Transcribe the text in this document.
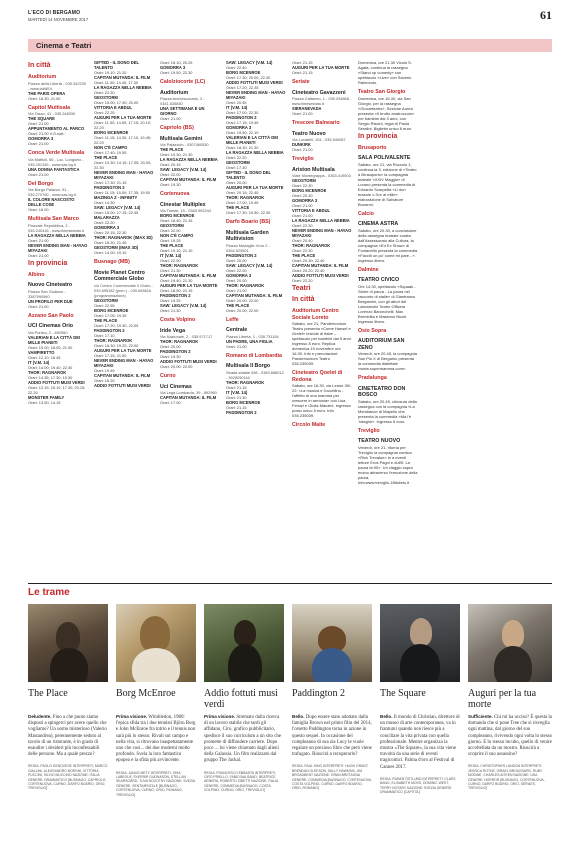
L'ECO DI BERGAMO
MARTEDÌ 14 NOVEMBRE 2017	61
Cinema e Teatri
In città
Auditorium
Piazza della Libertà - 035.342239 - www.lab80.it
THE PARIS OPERA
Orari: 18.30; 21.00
Capitol Multisala
Via Tasso, 41 - 035.248330
THE SQUARE
Orari: 21.00
APPUNTAMENTO AL PARCO
Orari: 21.00 V.O.sott.
GOMORRA 3
Orari: 21.00
Conca Verde Multisala
Via Mattioli, 65 - Loc. Longuelo - 035.251339 - www.sas.bg.it
UNA DONNA FANTASTICA
Orari: 21.00
Del Borgo
Via Borgo Palazzo, 51 - 035.270760 - www.sas.bg.it
IL COLORE NASCOSTO DELLE COSE
Orari: 16.00
Multisala San Marco
Piazzale Repubblica, 2 - 035.240416 - www.ilmesestato.it
LA RAGAZZA NELLA NEBBIA
Orari: 21.00
NEVER ENDING MAN - HAYAO MIYAZAKI
Orari: 21.00
In provincia
Albino
Nuovo Cineteatro
Piazza San Giuliano - 3387990560
UN PROFILO PER DUE
Orari: 21.00
Azzano San Paolo
UCI Cinemas Orio
Via Portico, 2 - 892960
VALERIAN E LA CITTÀ DEI MILLE PIANETI
Orari: 15.00; 18.00; 21.00
VAMPIRETTO
Orari: 12.10; 16.45
IT (V.M. 14)
Orari: 14.00; 19.40; 22.40
THOR: RAGNAROK
Orari: 14.35; 17.30; 19.30
ADDIO FOTTUTI MUSI VERDI
Orari: 12.15; 15.10; 17.30; 20.15; 22.30
MONSTER FAMILY
Orari: 13.50; 14.15
GIFTED - IL DONO DEL TALENTO
Orari: 19.10; 21.20
CAPITAN MUTANDA: IL FILM
Orari: 11.30; 14.40; 17.30
LA RAGAZZA NELLA NEBBIA
Orari: 22.30
GEOSTORM
Orari: 15.00; 17.30; 20.00
VITTORIA E ABDUL
Orari: 22.25
AUGURI PER LA TUA MORTE
Orari: 11.50; 14.50; 17.15; 20.10; 22.20
BORG MCENROE
Orari: 11.15; 14.30; 17.10; 19.45; 22.20
NON C'È CAMPO
Orari: 17.40; 19.55
THE PLACE
Orari: 10.30; 14.15; 17.05; 20.00; 22.30
NEVER ENDING MAN - HAYAO MIYAZAKI
Orari: 17.30; 21.15
PADDINGTON 2
Orari: 11.15; 15.00; 17.35; 19.50
MAZINGA Z - INFINITY
Orari: 14.30
SAW: LEGACY (V.M. 14)
Orari: 15.00; 17.15; 22.45
MALARAZZA
Orari: 22.20
GOMORRA 3
Orari: 20.15; 22.30
THOR: RAGNAROK (IMAX 3D)
Orari: 16.30; 21.45
GEOSTORM (IMAX 3D)
Orari: 14.00; 19.10
Busnago (MB)
Movie Planet Centro Commerciale Globo
c/o Centro Commerciale Il Globo - 039.695182 (pren.) - 039.695616 (programmazione)
GEOSTORM
Orari: 22.55
BORG MCENROE
Orari: 17.05; 19.35
THE PLACE
Orari: 17.20; 19.30; 22.05
PADDINGTON 2
Orari: 17.10
THOR: RAGNAROK
Orari: 16.30; 19.20; 22.00
AUGURI PER LA TUA MORTE
Orari: 17.15; 21.50
NEVER ENDING MAN - HAYAO MIYAZAKI
Orari: 19.45
CAPITAN MUTANDA: IL FILM
Orari: 16.20
ADDIO FOTTUTI MUSI VERDI
Orari: 18.10; 20.25
GOMORRA 3
Orari: 19.50; 22.30
Calolziocorte (LC)
Auditorium
Piazza Arcivescovado, 3 - 0341.635830
UNA SETTIMANA E UN GIORNO
Orari: 21.00
Capriolo (BS)
Multisala Gemini
Via Palazzolo - 0307460530
THE PLACE
Orari: 19.30; 21.30
LA RAGAZZA NELLA NEBBIA
Orari: 20.15
SAW: LEGACY (V.M. 14)
Orari: 22.00
CAPITAN MUTANDA: IL FILM
Orari: 19.30
Cortenuova
Cinestar Multiplex
Via Trieste, 15 - 0363.992244
BORG MCENROE
Orari: 18.40; 21.15
GEOSTORM
Orari: 22.00
NON C'È CAMPO
Orari: 19.25
THE PLACE
Orari: 19.10; 21.10
IT (V.M. 14)
Orari: 22.00
THOR: RAGNAROK
Orari: 21.30
CAPITAN MUTANDA: IL FILM
Orari: 19.40; 21.30
AUGURI PER LA TUA MORTE
Orari: 18.50; 21.15
PADDINGTON 2
Orari: 19.25
SAW: LEGACY (V.M. 14)
Orari: 21.30
Costa Volpino
Iride Vega
Via Nazionale, 2 - 035.971717
THOR: RAGNAROK
Orari: 20.00
PADDINGTON 2
Orari: 19.30
ADDIO FOTTUTI MUSI VERDI
Orari: 20.00; 22.00
Curno
Uci Cinemas
Via Lega Lombarda, 39 - 892960
CAPITAN MUTANDA: IL FILM
Orari: 17.00
SAW: LEGACY (V.M. 14)
Orari: 22.40
BORG MCENROE
Orari: 17.30; 20.00; 22.30
ADDIO FOTTUTI MUSI VERDI
Orari: 17.20; 22.35
NEVER ENDING MAN - HAYAO MIYAZAKI
Orari: 20.45
IT (V.M. 14)
Orari: 17.00; 22.30
PADDINGTON 2
Orari: 17.15; 19.45
GOMORRA 3
Orari: 19.50; 22.10
VALERIAN E LA CITTÀ DEI MILLE PIANETI
Orari: 18.30; 21.30
LA RAGAZZA NELLA NEBBIA
Orari: 22.20
GEOSTORM
Orari: 17.30
GIFTED - IL DONO DEL TALENTO
Orari: 20.00
AUGURI PER LA TUA MORTE
Orari: 20.15; 22.45
THOR: RAGNAROK
Orari: 17.00; 19.45
THE PLACE
Orari: 17.30; 19.50; 22.30
Darfo Boario (BS)
Multisala Garden Multivision
Piazza Medaglie d'oro 2 - 0364.529501
PADDINGTON 2
Orari: 20.00
SAW: LEGACY (V.M. 14)
Orari: 22.00
GOMORRA 3
Orari: 20.00
THOR: RAGNAROK
Orari: 21.00
CAPITAN MUTANDA: IL FILM
Orari: 20.00; 22.00
THE PLACE
Orari: 20.00; 22.00
Leffe
Centrale
Piazza Libertà, 1 - 035.731154
UN PADRE, UNA FIGLIA
Orari: 21.00
Romano di Lombardia
Multisala Il Borgo
Strada statale 498 - 0363.688012 - 3928250116
THOR: RAGNAROK
Orari: 21.15
IT (V.M. 14)
Orari: 21.30
BORG MCENROE
Orari: 21.15
PADDINGTON 2
Orari: 21.15
AUGURI PER LA TUA MORTE
Orari: 21.15
Seriate
Cineteatro Gavazzeni
Piazza Cattaneo, 1 - 035.294868 - www.ilmesestato.it
SIERANEVADA
Orari: 21.00
Trescore Balneario
Teatro Nuovo
Via Locatelli, 104 - 035.940087
DUNKIRK
Orari: 21.00
Treviglio
Ariston Multisala
Viale Montegrappa - 0363.419503
GEOSTORM
Orari: 22.30
BORG MCENROE
Orari: 20.30
GOMORRA 3
Orari: 21.00
VITTORIA E ABDUL
Orari: 21.00
LA RAGAZZA NELLA NEBBIA
Orari: 22.30
NEVER ENDING MAN - HAYAO MIYAZAKI
Orari: 20.40
THOR: RAGNAROK
Orari: 22.30
THE PLACE
Orari: 20.30; 22.40
CAPITAN MUTANDA: IL FILM
Orari: 20.20; 22.40
ADDIO FOTTUTI MUSI VERDI
Orari: 22.20
Teatri
In città
Auditorium Centro Sociale Loreto
Sabato, ore 21, Pandemonium Teatro presenta «Come Hansel e Gretel» briciole di fiabe – spettacolo per bambini dai 5 anni. Ingresso 8 euro. Replica domenica 19 novembre ore 16.30. Info e prenotazioni: Pandemonium Teatro 035.235039.
Cineteatro Qoelet di Redona
Sabato, ore 16.30, via Leone XIII, 22: «La musica e l'uccellino - l'affetto di una mamma per crescere in armonia» con Lisa Ferrari e Giulia Manzini. Ingresso posto unico 5 euro. Info 035.235039.
Circolo Maite
Domenica, ore 21.30 Vicolo S. Agata, continua la rassegna «Stand up comedy» con spettacolo «Live» con Saverio Raimondo.
Teatro San Giorgio
Domenica, ore 16.30, via San Giorgio, per la rassegna «Giocarteatro», Sezione Aurea presenta «Il brutto anatroccolo» per bambini dai 3 anni, con Sergio Riscini, regia di Paola Serafini. Biglietto unico 6 euro.
In provincia
Brusaporto
SALA POLIVALENTE
Sabato, ore 21, via Roccolo 1, continua la 3. edizione di «Teatro a Brusaporto» la compagnia teatrale «XXIV Maggio» di Lurano presenta la commedia di Edoardo Scarpetta «Li don brasole o l'ìre ai mille» elaborazione di Salvatore Bonanni.
Calcio
CINEMA ASTRA
Sabato, ore 20.30, a conclusione della rassegna teatrale curata dall'Assessorato alla Cultura, la compagnia «Ed Ex Show» di Fontanella presenta la commedia «Facciti un po' come mi pare...». Ingresso libero.
Dalmine
TEATRO CIVICO
Ore 14.30, spettacolo «Squaak - Storie di paura - La paura nel racconto di stalle» di Gianfranco Bergamini, con gli attori del Laboratorio Teatro Officina Lorenzo Baronchelli. Max Brembilla e Massimo Nicoli. Ingresso libero.
Osio Sopra
AUDITORIUM SAN ZENO
Venerdì, ore 20.45, la compagnia San Pio X di Bergamo presenta la commedia dialettale «www.supermamma.com».
Pradalunga
CINETEATRO DON BOSCO
Sabato, ore 20.45, chiusura della rassegna con la compagnia «La Meridiana» di Mapello che presenta la commedia «Ma l'è 'ndaghe». Ingresso 6 euro.
Treviglio
TEATRO NUOVO
Venerdì, ore 21, ritorna per Treviglio la compagnia comica «Rick Trevalue» in a eventi lettore Eros Pagni e dull'Il: La paura fa 90». Un viaggio sopra moino attraverso l'emozione della paura. Info:www.treviglio.18tickets.it
Le trame
The Place
Deludente. Fino a che punto siamo disposti a spingerci per avere quello che vogliamo? Un uomo misterioso (Valerio Mastandrea), perennemente seduto al tavolo di un ristorante, è in grado di esaudire i desideri più inconfessabili delle persone. Ma a quale prezzo?
REGIA: PAOLO GENOVESE INTERPRETI: MARCO GIALLINI, ALESSANDRO BORGHI, VITTORIA PUCCINI, SILVIO MUCCINO NAZIONE: ITALIA GENERE: DRAMMATICO [BUSNAGO, CAPRIOLO, CORTENUOVA, CURNO, DARFO BOARIO, ORIO, TREVIGLIO]
Borg McEnroe
Prima visione. Wimbledon, 1980: l'epica sfida tra i due tennisti Björn Borg e John McEnroe fra intrio e il tennis non sarà più lo stesso. Rivali sul campo e nella vita, si ritrovano inaspettatamente uno che cosi... dei due moderni molto profondo. Svela la loro fantastica epopea e la sfida più avvincente.
REGIA: JANUS METZ INTERPRETI: SHIA LABEOUF, SVERRIR GUDNASON, STELLAN SKARSGÅRD, TUVA NOVOTNY NAZIONE: SVEZIA GENERE: SENTIMENTALE [BUSNAGO, CORTENUOVA, CURNO, ORIO, ROMANO, TREVIGLIO]
Addio fottuti musi verdi
Prima visione. Stremato dalla ricerca di un lavoro stabile che tardi gli affidano, Ciro, grafico pubblicitario, spedisce il suo curriculum a un sito che promette di diffondere carriere. Dopo poco ... lui viene chiamato dagli alieni della Galassia. Un film realizzato dal gruppo The Jackal.
REGIA: FRANCESCO EBBASTA INTERPRETI: CIRO PRIELLO, FABIO BALSAMO, BEATRICE ARNERA, ROBERTO ZIBETTI NAZIONE: ITALIA GENERE: COMMEDIA [BUSNAGO, COSTA VOLPINO, CURNO, ORIO, TREVIGLIO]
Paddington 2
Bello. Dopo essere stato adottato dalla famiglia Brown nel primo film del 2014, l'orsetto Paddington torna in azione in questo sequel. In occasione del compleanno di sua zia Lucy le vuole regalare un prezioso libro che però viene trafugato. Riuscirà a recuperarlo?
REGIA: PAUL KING INTERPRETI: HUGH GRANT, BRENDAN GLEESON, SALLY HAWKINS, JIM BROADBENT NAZIONE: GRAN BRETAGNA GENERE: COMMEDIA [BUSNAGO, CORTENUOVA, COSTA VOLPINO, CURNO, DARFO BOARIO, ORIO, ROMANO]
The Square
Bello. Il mondo di Christian, direttore di un museo di arte contemporanea, va in frantumi quando non riesce più a conciliare la vita privata con quella professionale. Mentre organizza la mostra «The Square», la sua vita viene travolta da una serie di eventi tragicomici. Palma d'oro al Festival di Cannes 2017.
REGIA: RUBEN ÖSTLUND INTERPRETI: CLAES BANG, ELISABETH MOSS, DOMINIC WEST, TERRY NOTARY NAZIONE: SVEZIA GENERE: DRAMMATICO [CAPITOL]
Auguri per la tua morte
Sufficiente. Chi mi ha ucciso? È questa la domanda che si pone Tree che si risveglia ogni mattina, dal giorno del suo compleanno, rivivendo ogni volta lo stesso giorno. E lo stesso incubo, quello di venire accoltellata da un mostro. Riuscirà a scoprire il suo assassino?
REGIA: CHRISTOPHER LANDON INTERPRETI: JESSICA ROTHE, ISRAEL BROUSSARD, RUBY MODINE, CHARLES AITKEN NAZIONE: USA GENERE: HORROR [BUSNAGO, CORTENUOVA, CURNO, DARFO BOARIO, ORIO, SERIATE, TREVIGLIO]
